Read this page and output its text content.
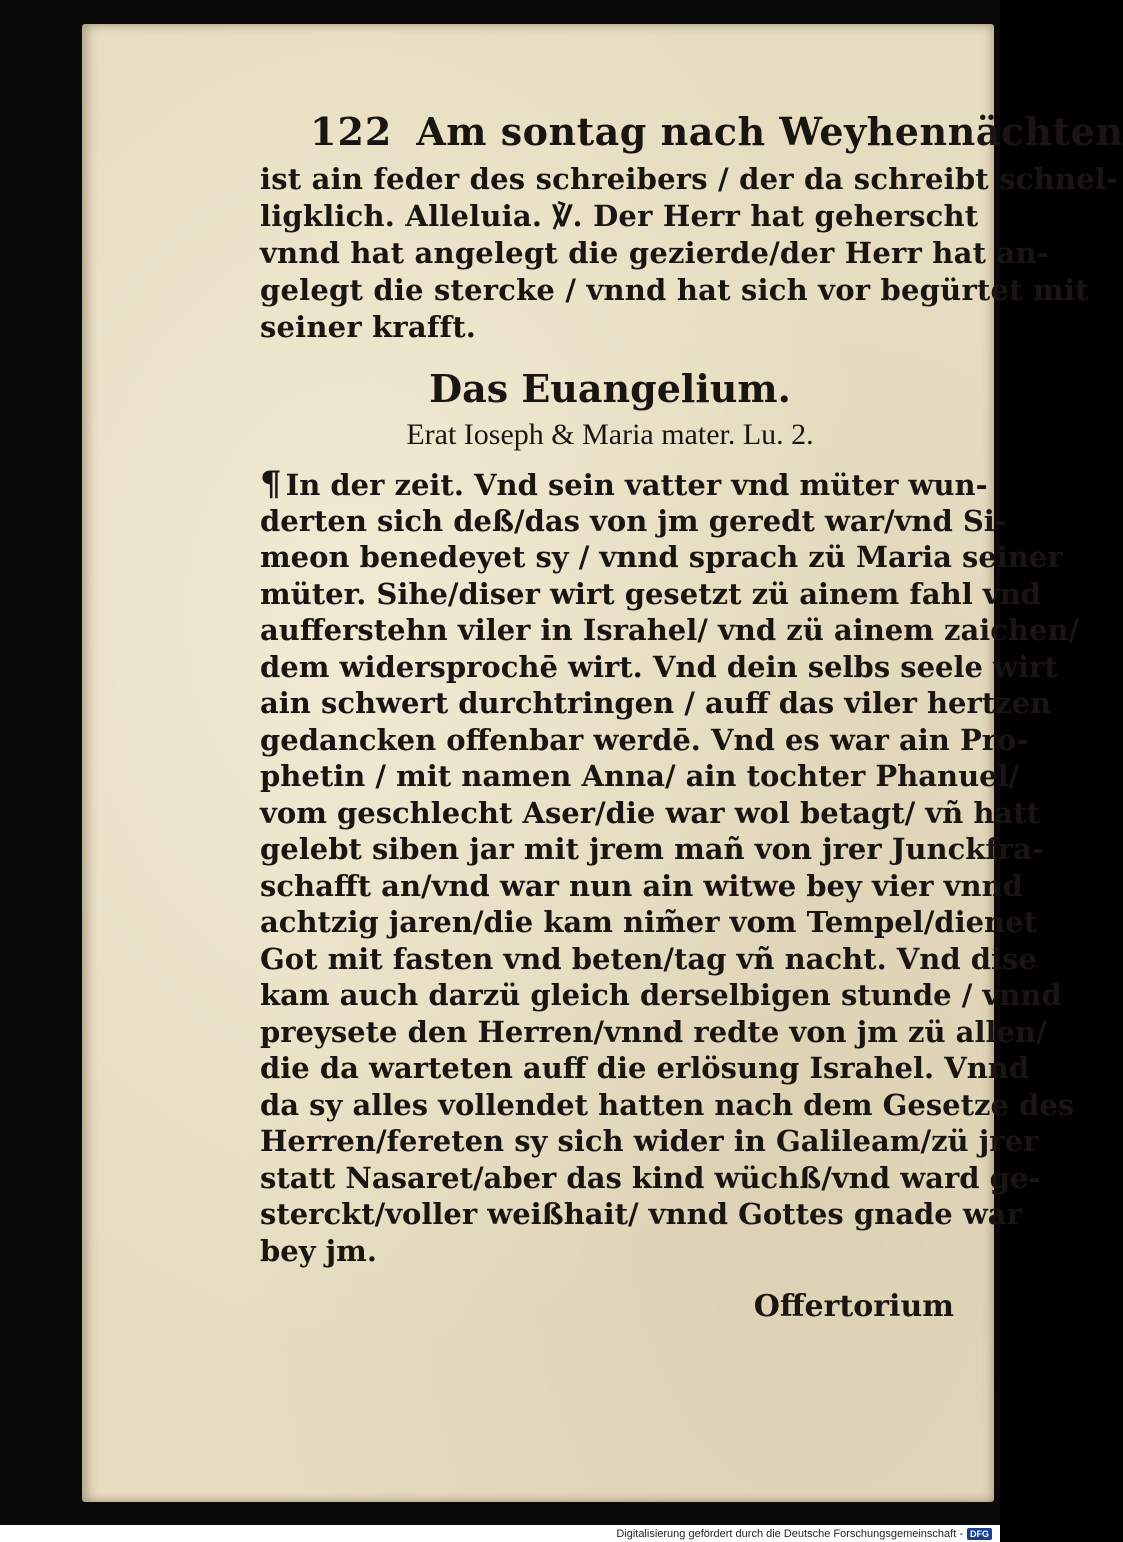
122 Am sontag nach Weyhennächten
ist ain feder des schreibers / der da schreibt schnel-
ligklich. Alleluia. ℣. Der Herr hat geherscht
vnnd hat angelegt die gezierde/der Herr hat an-
gelegt die stercke / vnnd hat sich vor begürtet mit
seiner krafft.
Das Euangelium.
Erat Ioseph & Maria mater. Lu. 2.
¶ In der zeit. Vnd sein vatter vnd müter wun-
derten sich deß/das von jm geredt war/vnd Si-
meon benedeyet sy / vnnd sprach zü Maria seiner
müter. Sihe/diser wirt gesetzt zü ainem fahl vnd
aufferstehn viler in Israhel/ vnd zü ainem zaichen/
dem widersprochē wirt. Vnd dein selbs seele wirt
ain schwert durchtringen / auff das viler hertzen
gedancken offenbar werdē. Vnd es war ain Pro-
phetin / mit namen Anna/ ain tochter Phanuel/
vom geschlecht Aser/die war wol betagt/ vñ hatt
gelebt siben jar mit jrem mañ von jrer Junckfra-
schafft an/vnd war nun ain witwe bey vier vnnd
achtzig jaren/die kam nim̃er vom Tempel/dienet
Got mit fasten vnd beten/tag vñ nacht. Vnd dise
kam auch darzü gleich derselbigen stunde / vnnd
preysete den Herren/vnnd redte von jm zü allen/
die da warteten auff die erlösung Israhel. Vnnd
da sy alles vollendet hatten nach dem Gesetze des
Herren/fereten sy sich wider in Galileam/zü jrer
statt Nasaret/aber das kind wüchß/vnd ward ge-
sterckt/voller weißhait/ vnnd Gottes gnade war
bey jm.
Offertorium
Digitalisierung gefördert durch die Deutsche Forschungsgemeinschaft - DFG
